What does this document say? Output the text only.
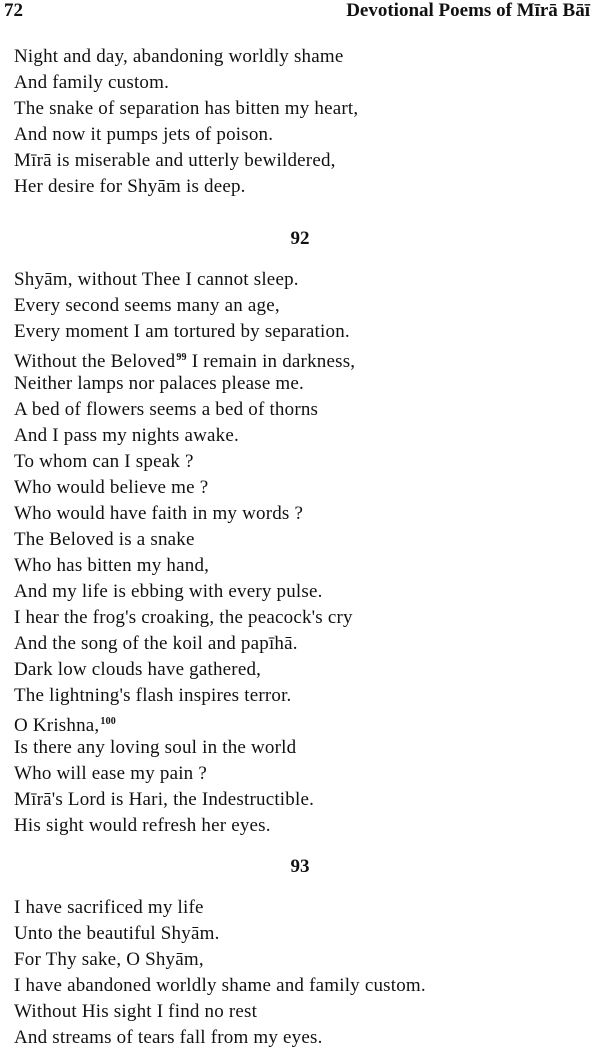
72	Devotional Poems of Mīrā Bāī
Night and day, abandoning worldly shame
And family custom.
The snake of separation has bitten my heart,
And now it pumps jets of poison.
Mīrā is miserable and utterly bewildered,
Her desire for Shyām is deep.
92
Shyām, without Thee I cannot sleep.
Every second seems many an age,
Every moment I am tortured by separation.
Without the Beloved$^{99}$ I remain in darkness,
Neither lamps nor palaces please me.
A bed of flowers seems a bed of thorns
And I pass my nights awake.
To whom can I speak ?
Who would believe me ?
Who would have faith in my words ?
The Beloved is a snake
Who has bitten my hand,
And my life is ebbing with every pulse.
I hear the frog's croaking, the peacock's cry
And the song of the koil and papīhā.
Dark low clouds have gathered,
The lightning's flash inspires terror.
O Krishna,$^{100}$
Is there any loving soul in the world
Who will ease my pain ?
Mīrā's Lord is Hari, the Indestructible.
His sight would refresh her eyes.
93
I have sacrificed my life
Unto the beautiful Shyām.
For Thy sake, O Shyām,
I have abandoned worldly shame and family custom.
Without His sight I find no rest
And streams of tears fall from my eyes.
